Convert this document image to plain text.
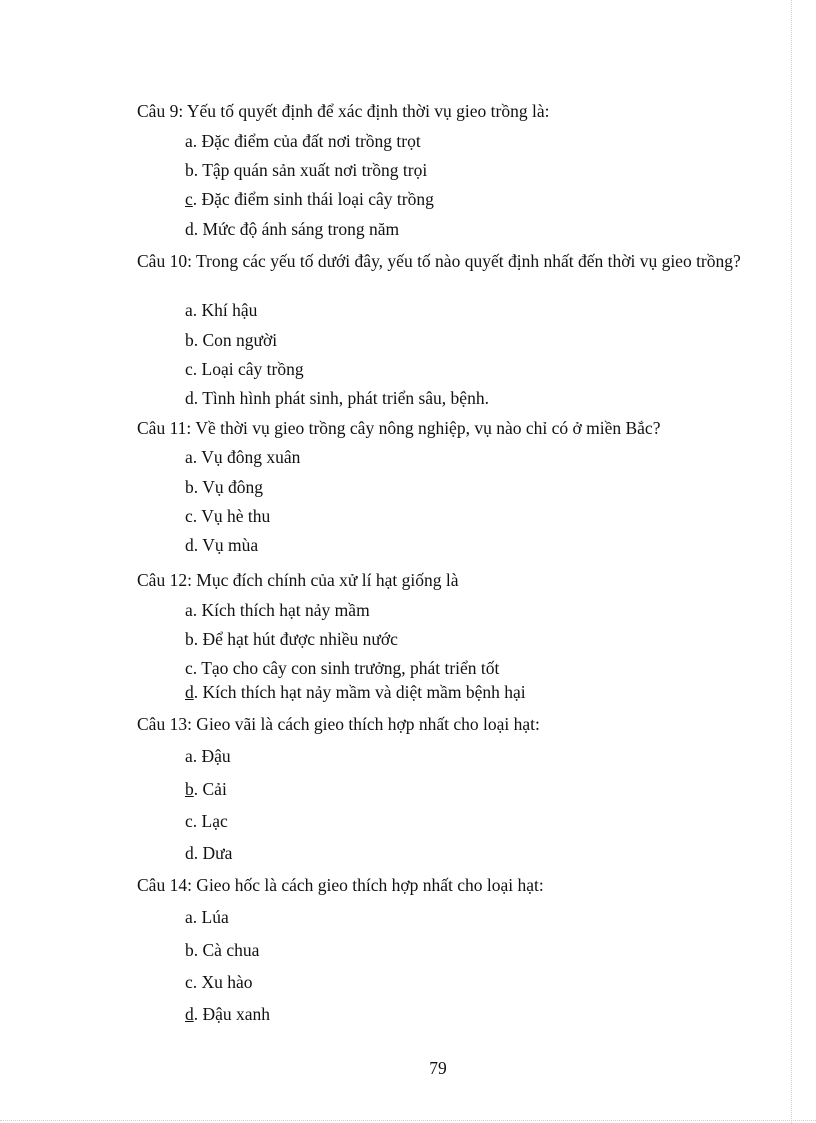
Câu 9: Yếu tố quyết định để xác định thời vụ gieo trồng là:
a. Đặc điểm của đất nơi trồng trọt
b. Tập quán sản xuất nơi trồng trọi
c. Đặc điểm sinh thái loại cây trồng
d. Mức độ ánh sáng trong năm
Câu 10: Trong các yếu tố dưới đây, yếu tố nào quyết định nhất đến thời vụ gieo trồng?
a. Khí hậu
b. Con người
c. Loại cây trồng
d. Tình hình phát sinh, phát triển sâu, bệnh.
Câu 11: Về thời vụ gieo trồng cây nông nghiệp, vụ nào chỉ có ở miền Bắc?
a. Vụ đông xuân
b. Vụ đông
c. Vụ hè thu
d. Vụ mùa
Câu 12: Mục đích chính của xử lí hạt giống là
a. Kích thích hạt nảy mầm
b. Để hạt hút được nhiều nước
c. Tạo cho cây con sinh trưởng, phát triển tốt
d. Kích thích hạt nảy mầm và diệt mầm bệnh hại
Câu 13: Gieo vãi là cách gieo thích hợp nhất cho loại hạt:
a. Đậu
b. Cải
c. Lạc
d. Dưa
Câu 14: Gieo hốc là cách gieo thích hợp nhất cho loại hạt:
a. Lúa
b. Cà chua
c. Xu hào
d. Đậu xanh
79
